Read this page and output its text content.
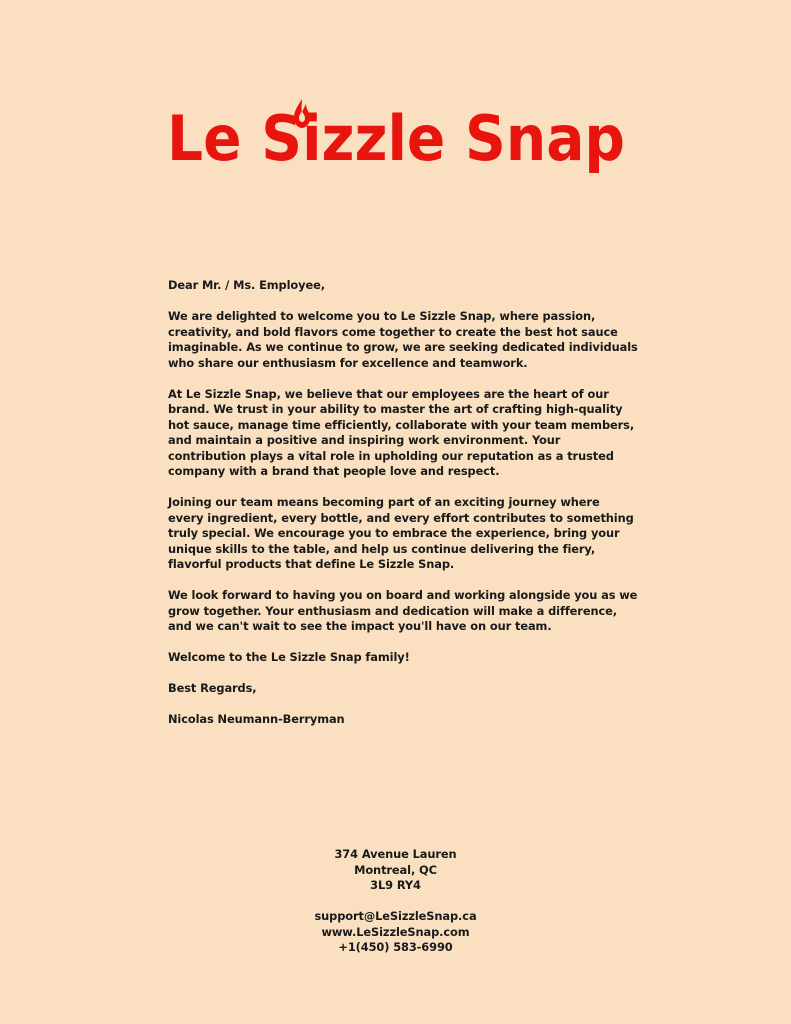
Le Sizzle Snap

Dear Mr. / Ms. Employee,

We are delighted to welcome you to Le Sizzle Snap, where passion, creativity, and bold flavors come together to create the best hot sauce imaginable. As we continue to grow, we are seeking dedicated individuals who share our enthusiasm for excellence and teamwork.

At Le Sizzle Snap, we believe that our employees are the heart of our brand. We trust in your ability to master the art of crafting high-quality hot sauce, manage time efficiently, collaborate with your team members, and maintain a positive and inspiring work environment. Your contribution plays a vital role in upholding our reputation as a trusted company with a brand that people love and respect.

Joining our team means becoming part of an exciting journey where every ingredient, every bottle, and every effort contributes to something truly special. We encourage you to embrace the experience, bring your unique skills to the table, and help us continue delivering the fiery, flavorful products that define Le Sizzle Snap.

We look forward to having you on board and working alongside you as we grow together. Your enthusiasm and dedication will make a difference, and we can't wait to see the impact you'll have on our team.

Welcome to the Le Sizzle Snap family!

Best Regards,

Nicolas Neumann-Berryman

374 Avenue Lauren
Montreal, QC
3L9 RY4
support@LeSizzleSnap.ca
www.LeSizzleSnap.com
+1(450) 583-6990
